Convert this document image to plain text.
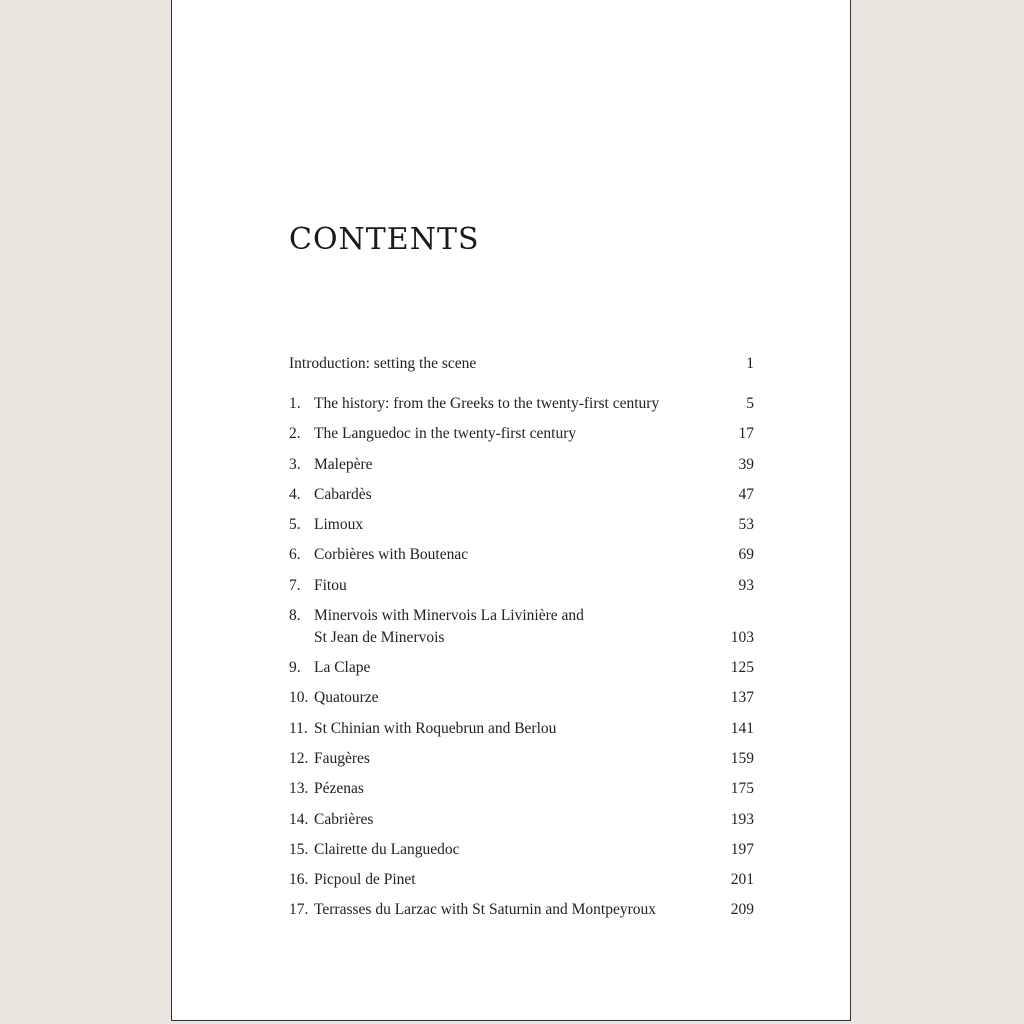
CONTENTS
Introduction: setting the scene	1
1. The history: from the Greeks to the twenty-first century	5
2. The Languedoc in the twenty-first century	17
3. Malepère	39
4. Cabardès	47
5. Limoux	53
6. Corbières with Boutenac	69
7. Fitou	93
8. Minervois with Minervois La Livinière and
St Jean de Minervois	103
9. La Clape	125
10. Quatourze	137
11. St Chinian with Roquebrun and Berlou	141
12. Faugères	159
13. Pézenas	175
14. Cabrières	193
15. Clairette du Languedoc	197
16. Picpoul de Pinet	201
17. Terrasses du Larzac with St Saturnin and Montpeyroux	209
